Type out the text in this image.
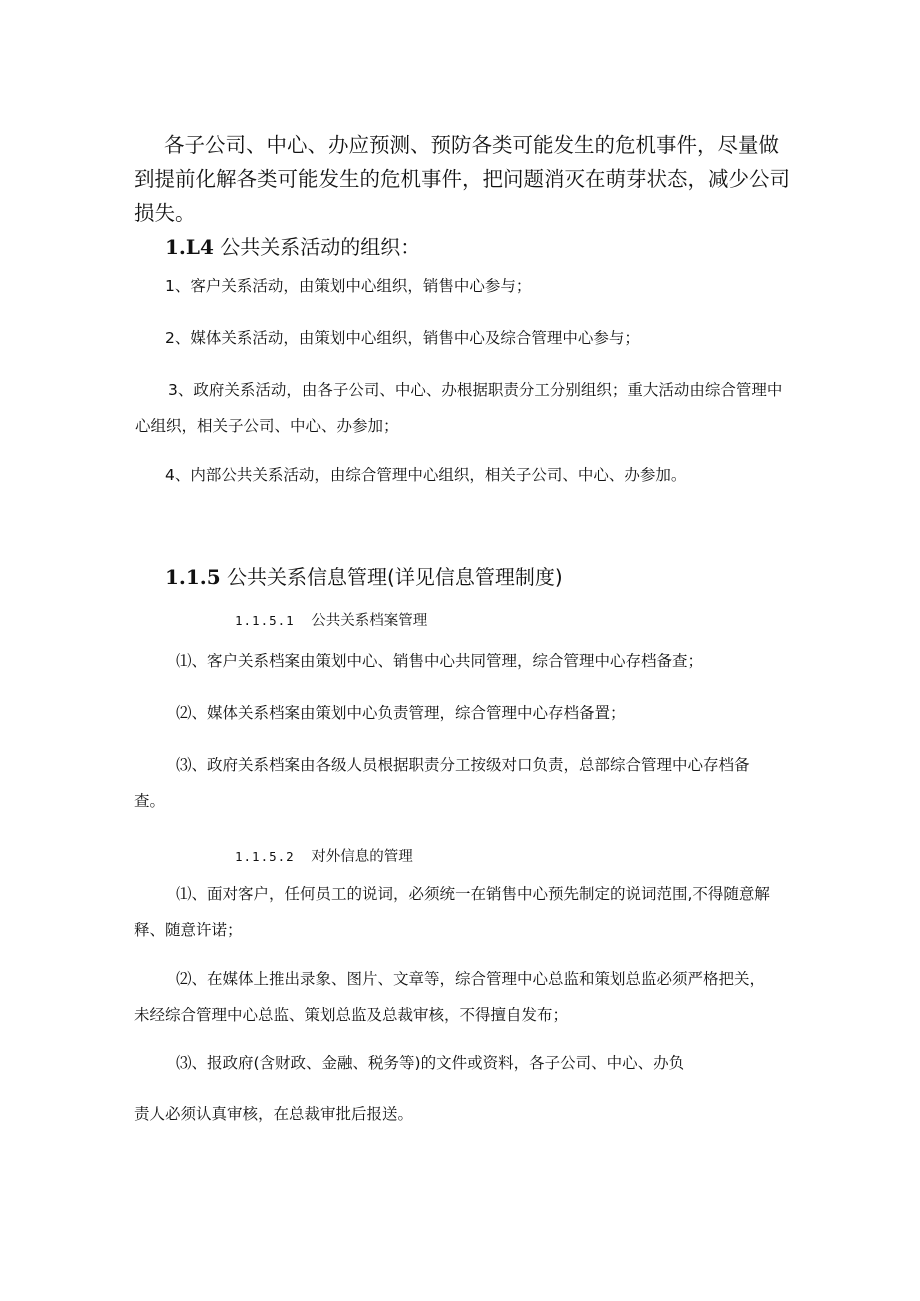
各子公司、中心、办应预测、预防各类可能发生的危机事件，尽量做
到提前化解各类可能发生的危机事件，把问题消灭在萌芽状态，减少公司
损失。
1.L4 公共关系活动的组织：
1、客户关系活动，由策划中心组织，销售中心参与；
2、媒体关系活动，由策划中心组织，销售中心及综合管理中心参与；
3、政府关系活动，由各子公司、中心、办根据职责分工分别组织；重大活动由综合管理中
心组织，相关子公司、中心、办参加；
4、内部公共关系活动，由综合管理中心组织，相关子公司、中心、办参加。
1.1.5 公共关系信息管理(详见信息管理制度)
1.1.5.1 公共关系档案管理
⑴、客户关系档案由策划中心、销售中心共同管理，综合管理中心存档备查；
⑵、媒体关系档案由策划中心负责管理，综合管理中心存档备置；
⑶、政府关系档案由各级人员根据职责分工按级对口负责，总部综合管理中心存档备
查。
1.1.5.2 对外信息的管理
⑴、面对客户，任何员工的说词，必须统一在销售中心预先制定的说词范围,不得随意解
释、随意许诺；
⑵、在媒体上推出录象、图片、文章等，综合管理中心总监和策划总监必须严格把关，
未经综合管理中心总监、策划总监及总裁审核，不得擅自发布；
⑶、报政府(含财政、金融、税务等)的文件或资料，各子公司、中心、办负
责人必须认真审核，在总裁审批后报送。
